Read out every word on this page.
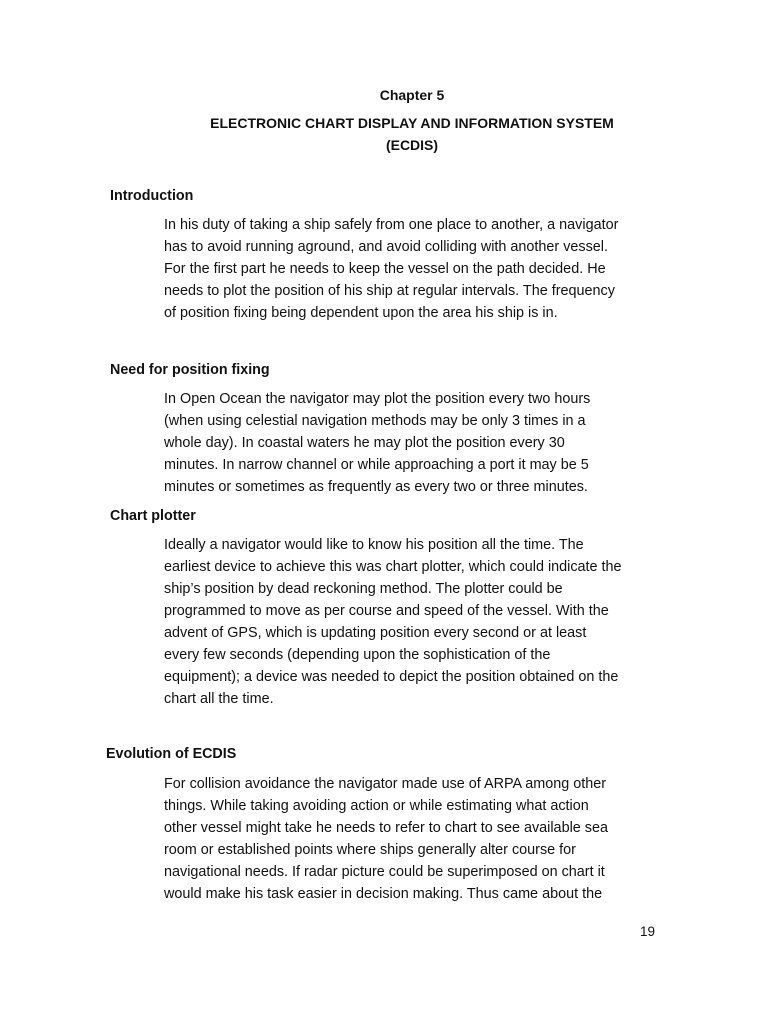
Chapter 5
ELECTRONIC CHART DISPLAY AND INFORMATION SYSTEM
(ECDIS)
Introduction

In his duty of taking a ship safely from one place to another, a navigator
has to avoid running aground, and avoid colliding with another vessel.
For the first part he needs to keep the vessel on the path decided. He
needs to plot the position of his ship at regular intervals. The frequency
of position fixing being dependent upon the area his ship is in.

Need for position fixing

In Open Ocean the navigator may plot the position every two hours
(when using celestial navigation methods may be only 3 times in a
whole day). In coastal waters he may plot the position every 30
minutes. In narrow channel or while approaching a port it may be 5
minutes or sometimes as frequently as every two or three minutes.

Chart plotter

Ideally a navigator would like to know his position all the time. The
earliest device to achieve this was chart plotter, which could indicate the
ship’s position by dead reckoning method. The plotter could be
programmed to move as per course and speed of the vessel. With the
advent of GPS, which is updating position every second or at least
every few seconds (depending upon the sophistication of the
equipment); a device was needed to depict the position obtained on the
chart all the time.

Evolution of ECDIS

For collision avoidance the navigator made use of ARPA among other
things. While taking avoiding action or while estimating what action
other vessel might take he needs to refer to chart to see available sea
room or established points where ships generally alter course for
navigational needs. If radar picture could be superimposed on chart it
would make his task easier in decision making. Thus came about the

19
